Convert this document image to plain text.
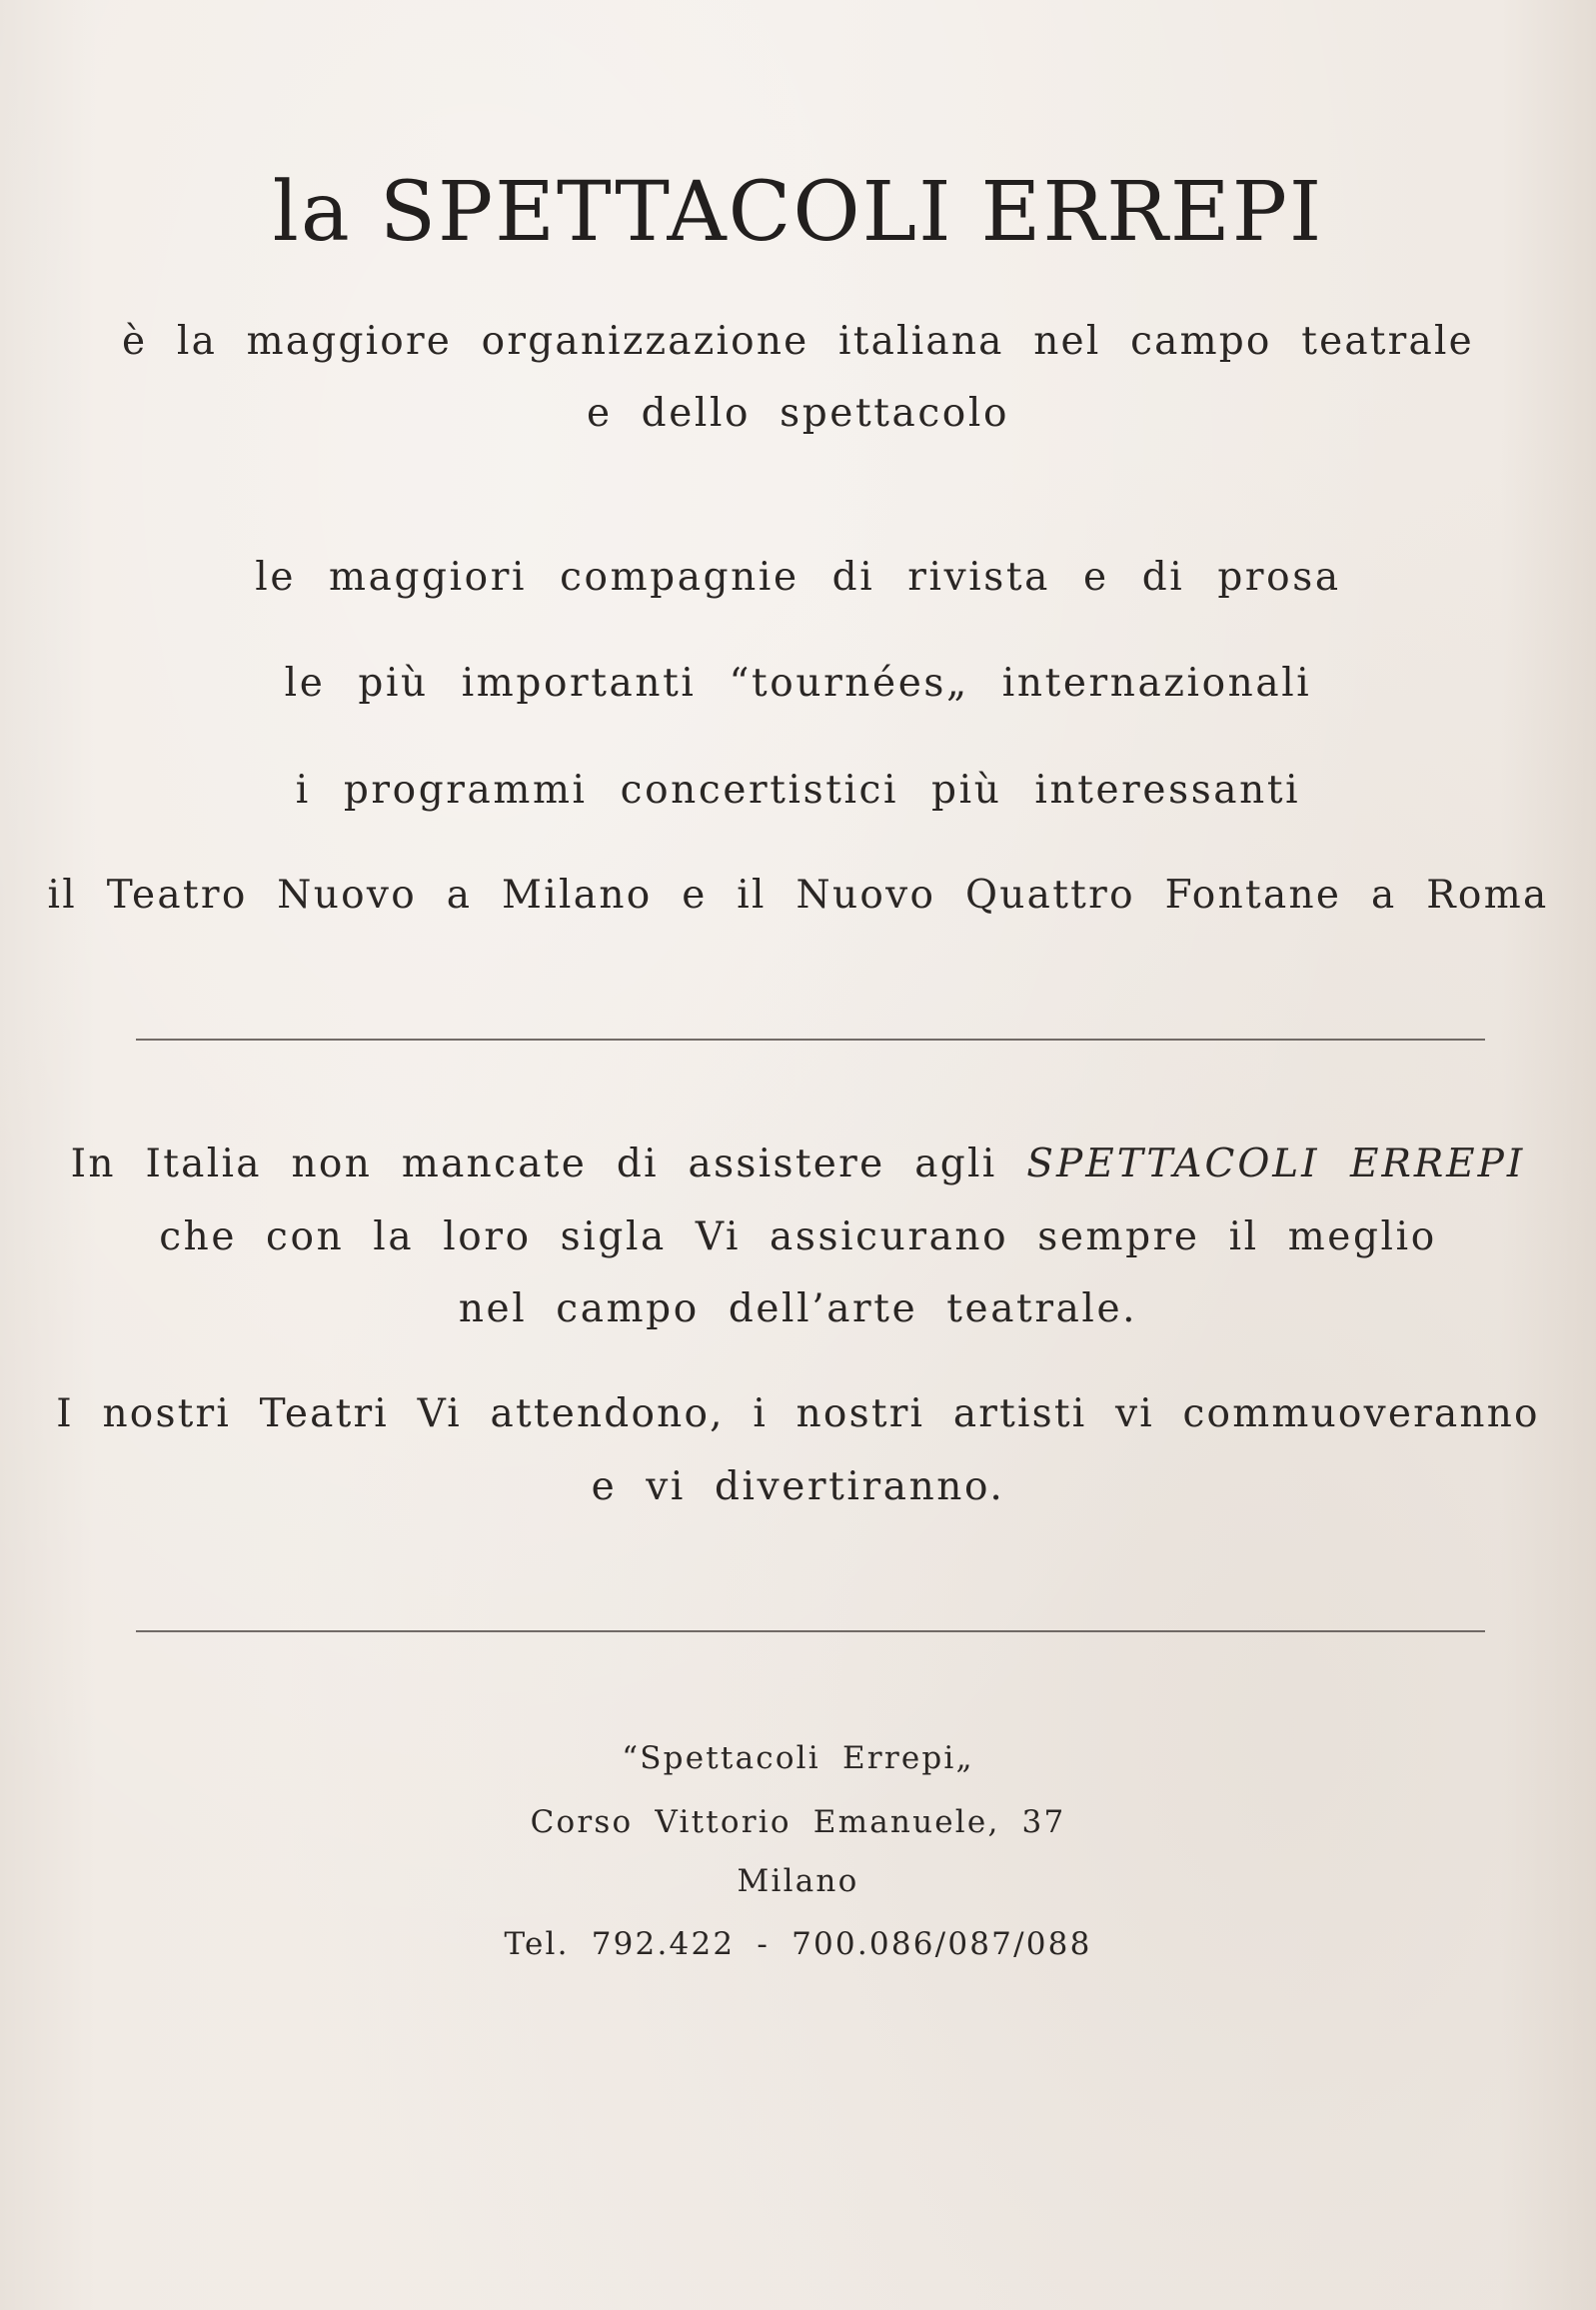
la SPETTACOLI ERREPI
è la maggiore organizzazione italiana nel campo teatrale
e dello spettacolo
le maggiori compagnie di rivista e di prosa
le più importanti “tournées„ internazionali
i programmi concertistici più interessanti
il Teatro Nuovo a Milano e il Nuovo Quattro Fontane a Roma
In Italia non mancate di assistere agli SPETTACOLI ERREPI
che con la loro sigla Vi assicurano sempre il meglio
nel campo dell’arte teatrale.
I nostri Teatri Vi attendono, i nostri artisti vi commuoveranno
e vi divertiranno.
“Spettacoli Errepi„
Corso Vittorio Emanuele, 37
Milano
Tel. 792.422 - 700.086/087/088
